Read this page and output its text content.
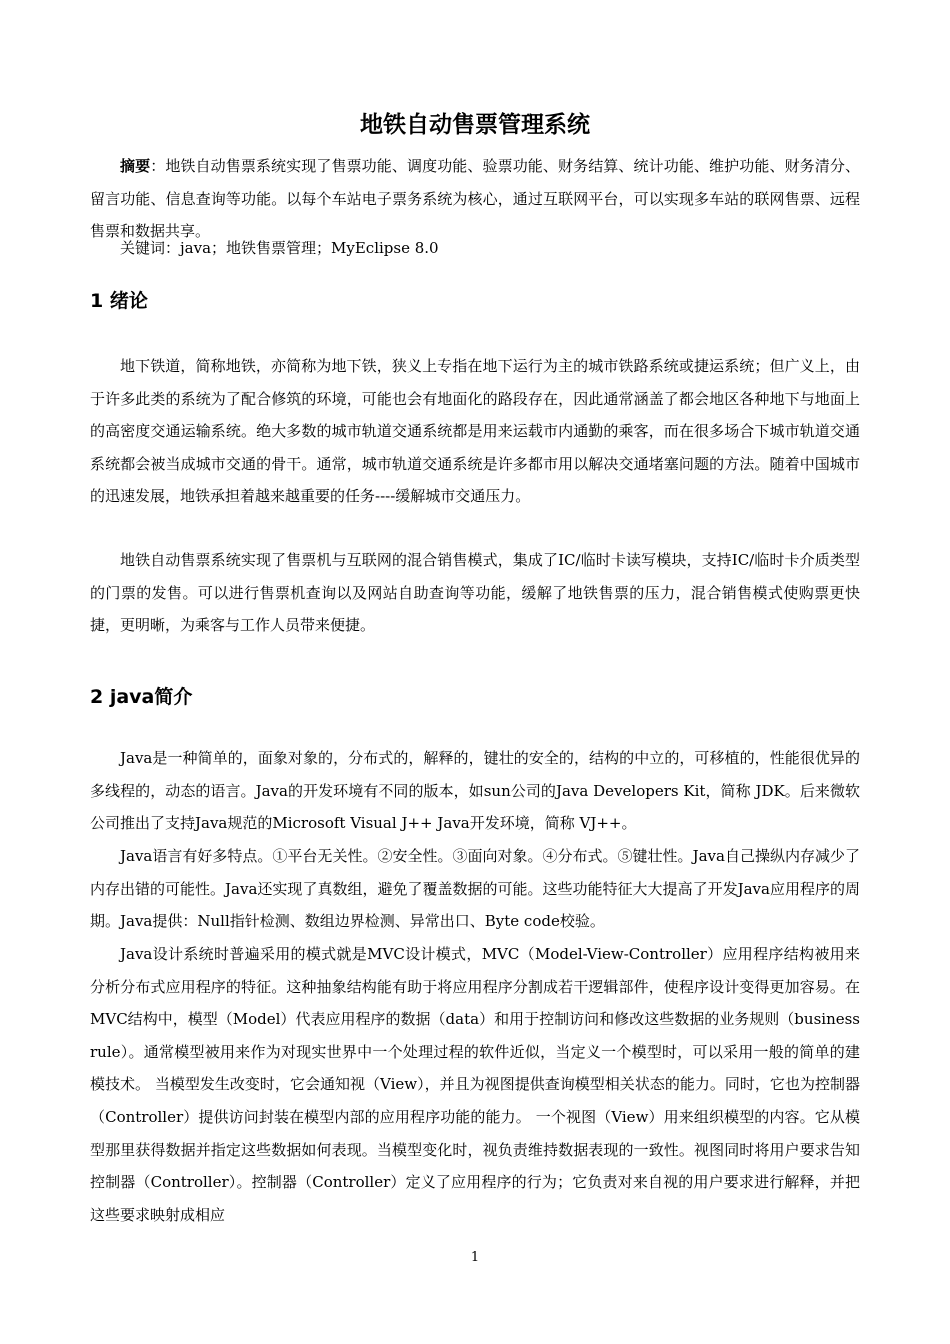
地铁自动售票管理系统

摘要：地铁自动售票系统实现了售票功能、调度功能、验票功能、财务结算、统计功能、维护功能、财务清分、留言功能、信息查询等功能。以每个车站电子票务系统为核心，通过互联网平台，可以实现多车站的联网售票、远程售票和数据共享。

关键词：java；地铁售票管理；MyEclipse 8.0

1 绪论

地下铁道，简称地铁，亦简称为地下铁，狭义上专指在地下运行为主的城市铁路系统或捷运系统；但广义上，由于许多此类的系统为了配合修筑的环境，可能也会有地面化的路段存在，因此通常涵盖了都会地区各种地下与地面上的高密度交通运输系统。绝大多数的城市轨道交通系统都是用来运载市内通勤的乘客，而在很多场合下城市轨道交通系统都会被当成城市交通的骨干。通常，城市轨道交通系统是许多都市用以解决交通堵塞问题的方法。随着中国城市的迅速发展，地铁承担着越来越重要的任务----缓解城市交通压力。

地铁自动售票系统实现了售票机与互联网的混合销售模式，集成了IC/临时卡读写模块，支持IC/临时卡介质类型的门票的发售。可以进行售票机查询以及网站自助查询等功能，缓解了地铁售票的压力，混合销售模式使购票更快捷，更明晰，为乘客与工作人员带来便捷。

2 java简介

Java是一种简单的，面象对象的，分布式的，解释的，键壮的安全的，结构的中立的，可移植的，性能很优异的多线程的，动态的语言。Java的开发环境有不同的版本，如sun公司的Java Developers Kit，简称 JDK。后来微软公司推出了支持Java规范的Microsoft Visual J++ Java开发环境，简称 VJ++。

Java语言有好多特点。①平台无关性。②安全性。③面向对象。④分布式。⑤键壮性。Java自己操纵内存减少了内存出错的可能性。Java还实现了真数组，避免了覆盖数据的可能。这些功能特征大大提高了开发Java应用程序的周期。Java提供：Null指针检测、数组边界检测、异常出口、Byte code校验。

Java设计系统时普遍采用的模式就是MVC设计模式，MVC（Model-View-Controller）应用程序结构被用来分析分布式应用程序的特征。这种抽象结构能有助于将应用程序分割成若干逻辑部件，使程序设计变得更加容易。在MVC结构中，模型（Model）代表应用程序的数据（data）和用于控制访问和修改这些数据的业务规则（business rule）。通常模型被用来作为对现实世界中一个处理过程的软件近似，当定义一个模型时，可以采用一般的简单的建模技术。 当模型发生改变时，它会通知视（View），并且为视图提供查询模型相关状态的能力。同时，它也为控制器（Controller）提供访问封装在模型内部的应用程序功能的能力。 一个视图（View）用来组织模型的内容。它从模型那里获得数据并指定这些数据如何表现。当模型变化时，视负责维持数据表现的一致性。视图同时将用户要求告知控制器（Controller）。控制器（Controller）定义了应用程序的行为；它负责对来自视的用户要求进行解释，并把这些要求映射成相应

1
